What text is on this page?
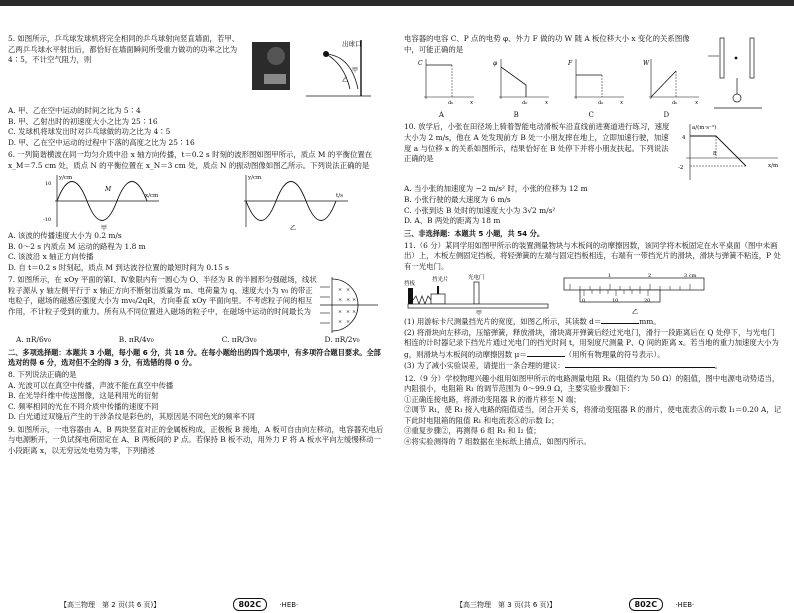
5. 如图所示，乒乓球发球机将完全相同的乒乓球射向竖直墙面，若甲、乙两乒乓球水平射出后，都恰好在墙面瞬间所受重力做功的功率之比为 4∶5，不计空气阻力，则

出球口
甲
乙

A. 甲、乙在空中运动的时间之比为 5∶4

B. 甲、乙射出时的初速度大小之比为 25∶16

C. 发球机将球发出时对乒乓球做的功之比为 4∶5

D. 甲、乙在空中运动的过程中下落的高度之比为 25∶16

6. 一列简谐横波在同一均匀介质中沿 x 轴方向传播，t＝0.2 s 时刻的波形图如图甲所示，质点 M 的平衡位置在 x_M＝7.5 cm 处，质点 N 的平衡位置在 x_N＝3 cm 处，质点 N 的振动图像如图乙所示。下列说法正确的是

y/cm
10
-10
x/cm
M
甲
y/cm
t/s
乙

A. 该波的传播速度大小为 0.2 m/s

B. 0～2 s 内质点 M 运动的路程为 1.8 m

C. 该波沿 x 轴正方向传播

D. 自 t＝0.2 s 时刻起，质点 M 到达波谷位置的最短时间为 0.15 s

7. 如图所示，在 xOy 平面的第Ⅰ、Ⅳ象限内有一圆心为 O、半径为 R 的半圆形匀强磁场，线状粒子源从 y 轴左侧平行于 x 轴正方向不断射出质量为 m、电荷量为 q、速度大小为 v₀ 的带正电粒子，磁场的磁感应强度大小为 mv₀/2qR，方向垂直 xOy 平面向里。不考虑粒子间的相互作用，不计粒子受到的重力。所有从不同位置进入磁场的粒子中，在磁场中运动的时间最长为

× ×
× × ×
× × ×
× ×
A. πR/6v₀	B. πR/4v₀	C. πR/3v₀	D. πR/2v₀

二、多项选择题：本题共 3 小题，每小题 6 分，共 18 分。在每小题给出的四个选项中，有多项符合题目要求。全部选对的得 6 分，选对但不全的得 3 分，有选错的得 0 分。

8. 下列说法正确的是

A. 光波可以在真空中传播，声波不能在真空中传播

B. 在光导纤维中传送图像，这是利用光的衍射

C. 频率相同的光在不同介质中传播的速度不同

D. 白光通过双缝后产生的干涉条纹是彩色的，其原因是不同色光的频率不同

9. 如图所示，一电容器由 A、B 两块竖直对正的金属板构成，正极板 B 接地，A 板可自由向左移动，电容器充电后与电源断开，一负试探电荷固定在 A、B 两板间的 P 点。若保持 B 板不动，用外力 F 将 A 板水平向左缓慢移动一小段距离 x，以无穷远处电势为零，下列描述

【高三物理　第 2 页(共 6 页)】	802C	·HEB·

电容器的电容 C、P 点的电势 φ、外力 F 做的功 W 随 A 板位移大小 x 变化的关系图像中，可能正确的是

C	φ	F	W
x	x	x	x
d₀	d₀	d₀	d₀
A	B	C	D

10. 放学后，小张在田径场上骑着智能电动滑板车沿直线前进赛道进行练习，速度大小为 2 m/s，他在 A 处发现前方 B 处一小朋友摔在地上，立即加速行驶，加速度 a 与位移 x 的关系如图所示，结果恰好在 B 处停下并将小朋友扶起。下列说法正确的是

a/(m·s⁻²)
x/m
4
-2
8

A. 当小张的加速度为 −2 m/s² 时，小张的位移为 12 m

B. 小张行驶的最大速度为 6 m/s

C. 小张到达 B 处时的加速度大小为 3√2 m/s²

D. A、B 两处的距离为 18 m

三、非选择题：本题共 5 小题，共 54 分。

11.（6 分）某同学用如图甲所示的装置测量物块与木板间的动摩擦因数，该同学将木板固定在水平桌面（图中未画出）上，木板左侧固定挡板，将轻弹簧的左端与固定挡板相连，右端有一带挡光片的滑块，滑块与弹簧不粘连，P 处有一光电门。

挡光片	光电门
挡板
甲
1	2	3 cm
0	10	20
乙

(1) 用游标卡尺测量挡光片的宽度，如图乙所示，其读数 d＝	mm。

(2) 将滑块向左移动，压缩弹簧，释放滑块，滑块离开弹簧后经过光电门，滑行一段距离后在 Q 处停下，与光电门相连的计时器记录下挡光片通过光电门的挡光时间 t，用刻度尺测量 P、Q 间的距离 x。若当地的重力加速度大小为 g，则滑块与木板间的动摩擦因数 μ＝	（用所有物理量的符号表示）。

(3) 为了减小实验误差，请提出一条合理的建议：	。

12.（9 分）学校物理兴趣小组用如图甲所示的电路测量电阻 Rₓ（阻值约为 50 Ω）的阻值，图中电源电动势适当，内阻很小，电阻箱 R₁ 的调节范围为 0～99.9 Ω，主要实验步骤如下：

①正确连接电路，将滑动变阻器 R 的滑片移至 N 端；

②调节 R₁，使 R₁ 接入电路的阻值适当，闭合开关 S，将滑动变阻器 R 的滑片，使电流表Ⓐ的示数 I₁＝0.20 A，记下此时电阻箱的阻值 R₁ 和电流表Ⓐ的示数 I₂；

③重复步骤②，再测得 6 组 R₁ 和 I₂ 值；

④将实验测得的 7 组数据在坐标纸上描点，如图丙所示。

【高三物理　第 3 页(共 6 页)】	802C	·HEB·
